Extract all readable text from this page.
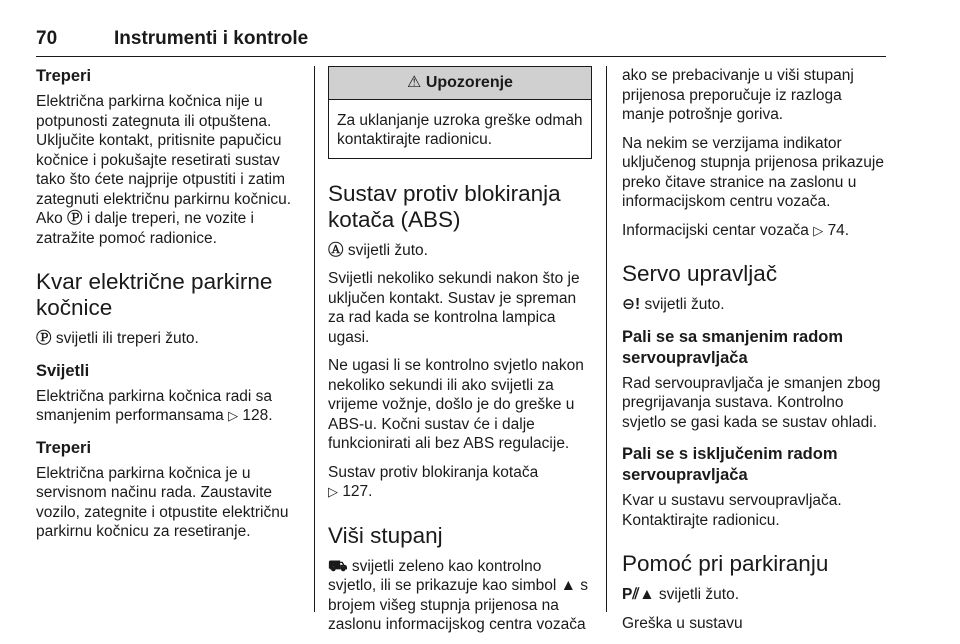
70	Instrumenti i kontrole
Treperi

Električna parkirna kočnica nije u potpunosti zategnuta ili otpuštena. Uključite kontakt, pritisnite papučicu kočnice i pokušajte resetirati sustav tako što ćete najprije otpustiti i zatim zategnuti električnu parkirnu kočnicu. Ako Ⓟ i dalje treperi, ne vozite i zatražite pomoć radionice.

Kvar električne parkirne kočnice

Ⓟ svijetli ili treperi žuto.

Svijetli

Električna parkirna kočnica radi sa smanjenim performansama ▷ 128.

Treperi

Električna parkirna kočnica je u servisnom načinu rada. Zaustavite vozilo, zategnite i otpustite električnu parkirnu kočnicu za resetiranje.

⚠ Upozorenje
Za uklanjanje uzroka greške odmah kontaktirajte radionicu.
Sustav protiv blokiranja kotača (ABS)

Ⓐ svijetli žuto.

Svijetli nekoliko sekundi nakon što je uključen kontakt. Sustav je spreman za rad kada se kontrolna lampica ugasi.

Ne ugasi li se kontrolno svjetlo nakon nekoliko sekundi ili ako svijetli za vrijeme vožnje, došlo je do greške u ABS-u. Kočni sustav će i dalje funkcionirati ali bez ABS regulacije.

Sustav protiv blokiranja kotača
▷ 127.

Viši stupanj

⛟ svijetli zeleno kao kontrolno svjetlo, ili se prikazuje kao simbol ▲ s brojem višeg stupnja prijenosa na zaslonu informacijskog centra vozača

ako se prebacivanje u viši stupanj prijenosa preporučuje iz razloga manje potrošnje goriva.

Na nekim se verzijama indikator uključenog stupnja prijenosa prikazuje preko čitave stranice na zaslonu u informacijskom centru vozača.

Informacijski centar vozača ▷ 74.

Servo upravljač

⊖! svijetli žuto.

Pali se sa smanjenim radom servoupravljača

Rad servoupravljača je smanjen zbog pregrijavanja sustava. Kontrolno svjetlo se gasi kada se sustav ohladi.

Pali se s isključenim radom servoupravljača

Kvar u sustavu servoupravljača. Kontaktirajte radionicu.

Pomoć pri parkiranju

P⫽▲ svijetli žuto.

Greška u sustavu
